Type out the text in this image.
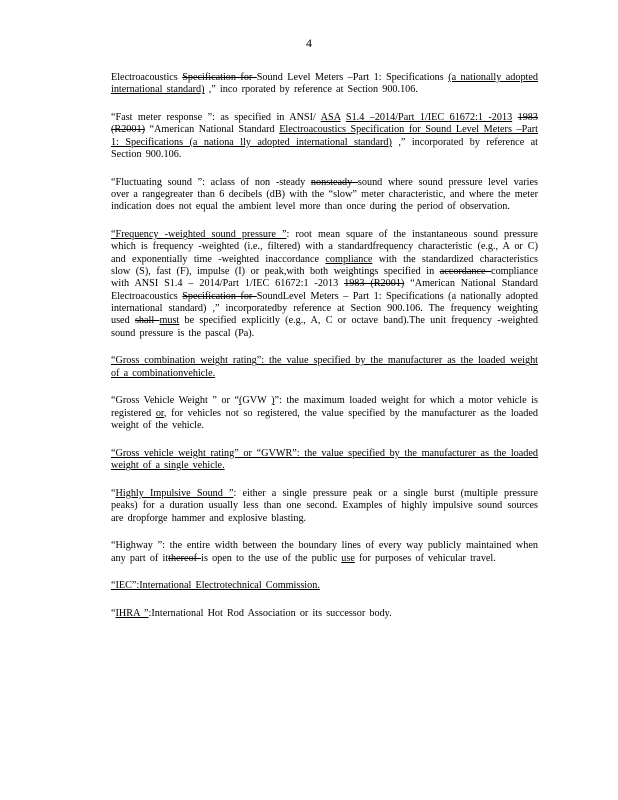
4

Electroacoustics Specification for Sound Level Meters –Part 1: Specifications (a nationally adopted international standard) ,” inco rporated by reference at Section 900.106.

“Fast meter response ”: as specified in ANSI/ ASA S1.4 –2014/Part 1/IEC 61672:1 -2013 1983 (R2001) “American National Standard Electroacoustics Specification for Sound Level Meters –Part 1: Specifications (a nationa lly adopted international standard) ,” incorporated by reference at Section 900.106.

“Fluctuating sound ”: aclass of non -steady nonsteady sound where sound pressure level varies over a rangegreater than 6 decibels (dB) with the “slow” meter characteristic, and where the meter indication does not equal the ambient level more than once during the period of observation.

“Frequency -weighted sound pressure ”: root mean square of the instantaneous sound pressure which is frequency -weighted (i.e., filtered) with a standardfrequency characteristic (e.g., A or C) and exponentially time -weighted inaccordance compliance with the standardized characteristics slow (S), fast (F), impulse (I) or peak,with both weightings specified in accordance compliance with ANSI S1.4 – 2014/Part 1/IEC 61672:1 -2013 1983 (R2001) “American National Standard Electroacoustics Specification for SoundLevel Meters – Part 1: Specifications (a nationally adopted international standard) ,” incorporatedby reference at Section 900.106. The frequency weighting used shall must be specified explicitly (e.g., A, C or octave band).The unit frequency -weighted sound pressure is the pascal (Pa).

“Gross combination weight rating”: the value specified by the manufacturer as the loaded weight of a combinationvehicle.

“Gross Vehicle Weight ” or “(GVW )”: the maximum loaded weight for which a motor vehicle is registered or, for vehicles not so registered, the value specified by the manufacturer as the loaded weight of the vehicle.

“Gross vehicle weight rating” or “GVWR”: the value specified by the manufacturer as the loaded weight of a single vehicle.

“Highly Impulsive Sound ”: either a single pressure peak or a single burst (multiple pressure peaks) for a duration usually less than one second. Examples of highly impulsive sound sources are dropforge hammer and explosive blasting.

“Highway ”: the entire width between the boundary lines of every way publicly maintained when any part of itthereof is open to the use of the public use for purposes of vehicular travel.

“IEC”:International Electrotechnical Commission.

“IHRA ”:International Hot Rod Association or its successor body.
